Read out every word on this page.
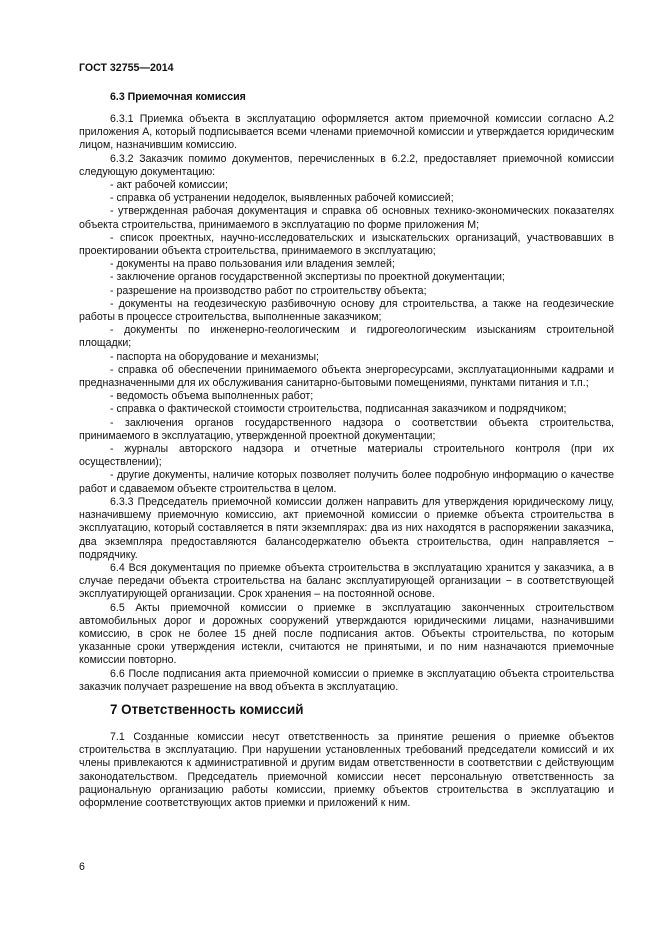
ГОСТ 32755—2014
6.3 Приемочная комиссия

6.3.1 Приемка объекта в эксплуатацию оформляется актом приемочной комиссии согласно А.2 приложения А, который подписывается всеми членами приемочной комиссии и утверждается юридическим лицом, назначившим комиссию.

6.3.2 Заказчик помимо документов, перечисленных в 6.2.2, предоставляет приемочной комиссии следующую документацию:

- акт рабочей комиссии;

- справка об устранении недоделок, выявленных рабочей комиссией;

- утвержденная рабочая документация и справка об основных технико-экономических показателях объекта строительства, принимаемого в эксплуатацию по форме приложения М;

- список проектных, научно-исследовательских и изыскательских организаций, участвовавших в проектировании объекта строительства, принимаемого в эксплуатацию;

- документы на право пользования или владения землей;

- заключение органов государственной экспертизы по проектной документации;

- разрешение на производство работ по строительству объекта;

- документы на геодезическую разбивочную основу для строительства, а также на геодезические работы в процессе строительства, выполненные заказчиком;

- документы по инженерно-геологическим и гидрогеологическим изысканиям строительной площадки;

- паспорта на оборудование и механизмы;

- справка об обеспечении принимаемого объекта энергоресурсами, эксплуатационными кадрами и предназначенными для их обслуживания санитарно-бытовыми помещениями, пунктами питания и т.п.;

- ведомость объема выполненных работ;

- справка о фактической стоимости строительства, подписанная заказчиком и подрядчиком;

- заключения органов государственного надзора о соответствии объекта строительства, принимаемого в эксплуатацию, утвержденной проектной документации;

- журналы авторского надзора и отчетные материалы строительного контроля (при их осуществлении);

- другие документы, наличие которых позволяет получить более подробную информацию о качестве работ и сдаваемом объекте строительства в целом.

6.3.3 Председатель приемочной комиссии должен направить для утверждения юридическому лицу, назначившему приемочную комиссию, акт приемочной комиссии о приемке объекта строительства в эксплуатацию, который составляется в пяти экземплярах: два из них находятся в распоряжении заказчика, два экземпляра предоставляются балансодержателю объекта строительства, один направляется − подрядчику.

6.4 Вся документация по приемке объекта строительства в эксплуатацию хранится у заказчика, а в случае передачи объекта строительства на баланс эксплуатирующей организации − в соответствующей эксплуатирующей организации. Срок хранения – на постоянной основе.

6.5 Акты приемочной комиссии о приемке в эксплуатацию законченных строительством автомобильных дорог и дорожных сооружений утверждаются юридическими лицами, назначившими комиссию, в срок не более 15 дней после подписания актов. Объекты строительства, по которым указанные сроки утверждения истекли, считаются не принятыми, и по ним назначаются приемочные комиссии повторно.

6.6 После подписания акта приемочной комиссии о приемке в эксплуатацию объекта строительства заказчик получает разрешение на ввод объекта в эксплуатацию.

7 Ответственность комиссий

7.1 Созданные комиссии несут ответственность за принятие решения о приемке объектов строительства в эксплуатацию. При нарушении установленных требований председатели комиссий и их члены привлекаются к административной и другим видам ответственности в соответствии с действующим законодательством. Председатель приемочной комиссии несет персональную ответственность за рациональную организацию работы комиссии, приемку объектов строительства в эксплуатацию и оформление соответствующих актов приемки и приложений к ним.

6
